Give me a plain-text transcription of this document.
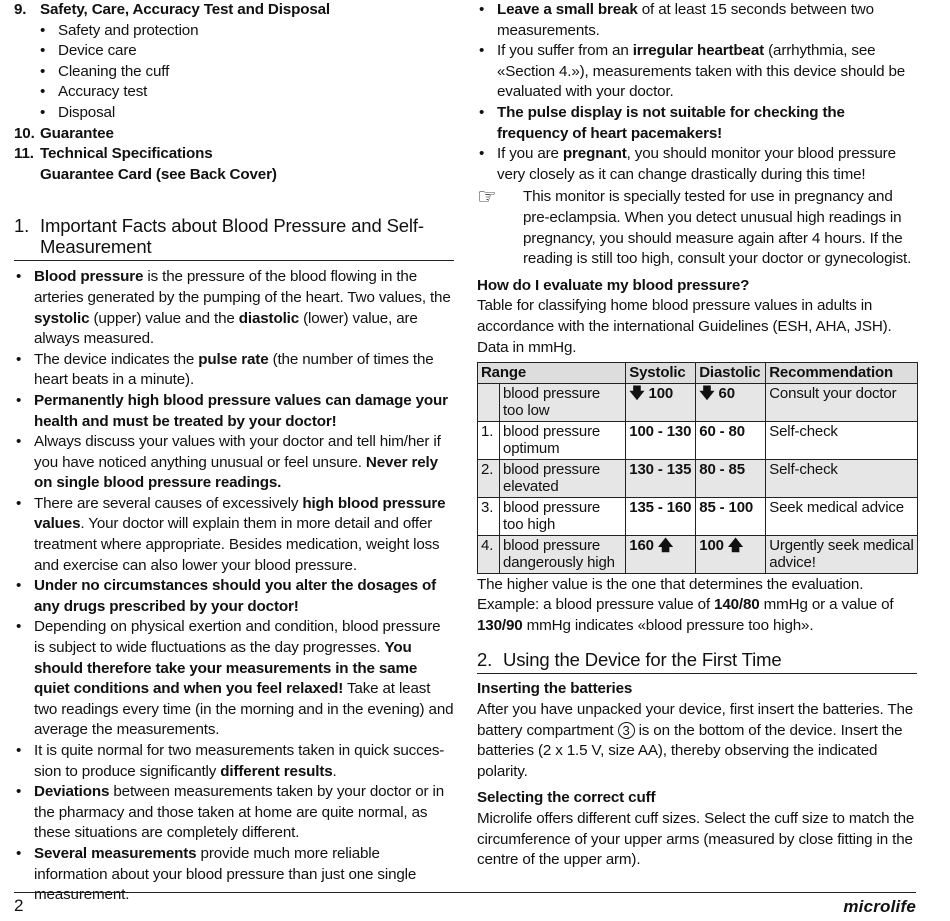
9. Safety, Care, Accuracy Test and Disposal
• Safety and protection
• Device care
• Cleaning the cuff
• Accuracy test
• Disposal
10. Guarantee
11. Technical Specifications
Guarantee Card (see Back Cover)
1. Important Facts about Blood Pressure and Self-Measurement
• Blood pressure is the pressure of the blood flowing in the arteries generated by the pumping of the heart. Two values, the systolic (upper) value and the diastolic (lower) value, are always measured.
• The device indicates the pulse rate (the number of times the heart beats in a minute).
• Permanently high blood pressure values can damage your health and must be treated by your doctor!
• Always discuss your values with your doctor and tell him/her if you have noticed anything unusual or feel unsure. Never rely on single blood pressure readings.
• There are several causes of excessively high blood pressure values. Your doctor will explain them in more detail and offer treatment where appropriate. Besides medication, weight loss and exercise can also lower your blood pressure.
• Under no circumstances should you alter the dosages of any drugs prescribed by your doctor!
• Depending on physical exertion and condition, blood pressure is subject to wide fluctuations as the day progresses. You should therefore take your measurements in the same quiet conditions and when you feel relaxed! Take at least two readings every time (in the morning and in the evening) and average the measurements.
• It is quite normal for two measurements taken in quick succes-sion to produce significantly different results.
• Deviations between measurements taken by your doctor or in the pharmacy and those taken at home are quite normal, as these situations are completely different.
• Several measurements provide much more reliable information about your blood pressure than just one single measurement.
• Leave a small break of at least 15 seconds between two measurements.
• If you suffer from an irregular heartbeat (arrhythmia, see «Section 4.»), measurements taken with this device should be evaluated with your doctor.
• The pulse display is not suitable for checking the frequency of heart pacemakers!
• If you are pregnant, you should monitor your blood pressure very closely as it can change drastically during this time!
☞	This monitor is specially tested for use in pregnancy and pre-eclampsia. When you detect unusual high readings in pregnancy, you should measure again after 4 hours. If the reading is still too high, consult your doctor or gynecologist.
How do I evaluate my blood pressure?
Table for classifying home blood pressure values in adults in accordance with the international Guidelines (ESH, AHA, JSH). Data in mmHg.
Range		Systolic	Diastolic	Recommendation
	blood pressure too low	🡇 100	🡇 60	Consult your doctor
1.	blood pressure optimum	100 - 130	60 - 80	Self-check
2.	blood pressure elevated	130 - 135	80 - 85	Self-check
3.	blood pressure too high	135 - 160	85 - 100	Seek medical advice
4.	blood pressure dangerously high	160 🡅	100 🡅	Urgently seek medical advice!
The higher value is the one that determines the evaluation. Example: a blood pressure value of 140/80 mmHg or a value of 130/90 mmHg indicates «blood pressure too high».
2. Using the Device for the First Time
Inserting the batteries
After you have unpacked your device, first insert the batteries. The battery compartment 3 is on the bottom of the device. Insert the batteries (2 x 1.5 V, size AA), thereby observing the indicated polarity.
Selecting the correct cuff
Microlife offers different cuff sizes. Select the cuff size to match the circumference of your upper arms (measured by close fitting in the centre of the upper arm).
2	microlife
